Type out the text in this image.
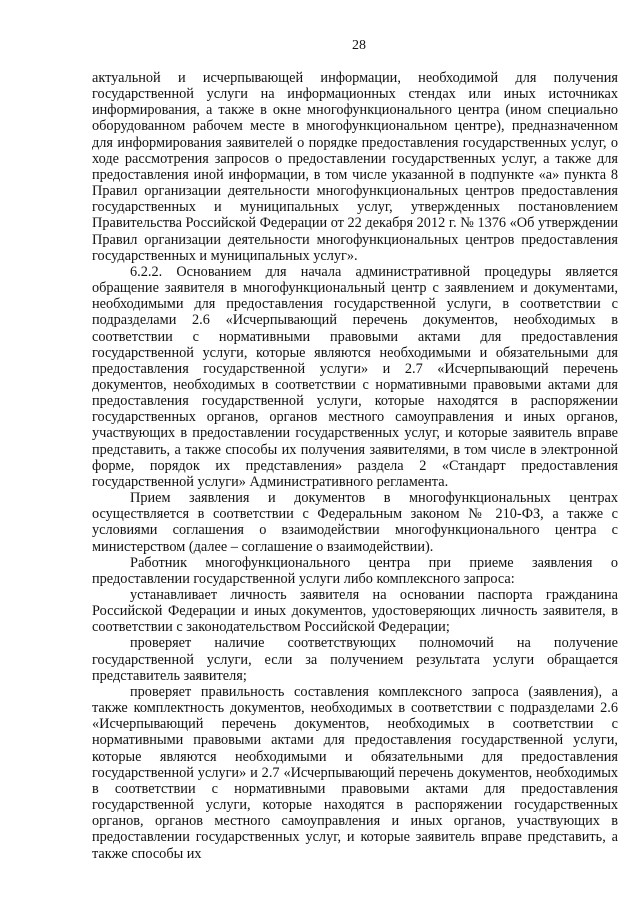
28

актуальной и исчерпывающей информации, необходимой для получения государственной услуги на информационных стендах или иных источниках информирования, а также в окне многофункционального центра (ином специально оборудованном рабочем месте в многофункциональном центре), предназначенном для информирования заявителей о порядке предоставления государственных услуг, о ходе рассмотрения запросов о предоставлении государственных услуг, а также для предоставления иной информации, в том числе указанной в подпункте «а» пункта 8 Правил организации деятельности многофункциональных центров предоставления государственных и муниципальных услуг, утвержденных постановлением Правительства Российской Федерации от 22 декабря 2012 г. № 1376 «Об утверждении Правил организации деятельности многофункциональных центров предоставления государственных и муниципальных услуг».

6.2.2. Основанием для начала административной процедуры является обращение заявителя в многофункциональный центр с заявлением и документами, необходимыми для предоставления государственной услуги, в соответствии с подразделами 2.6 «Исчерпывающий перечень документов, необходимых в соответствии с нормативными правовыми актами для предоставления государственной услуги, которые являются необходимыми и обязательными для предоставления государственной услуги» и 2.7 «Исчерпывающий перечень документов, необходимых в соответствии с нормативными правовыми актами для предоставления государственной услуги, которые находятся в распоряжении государственных органов, органов местного самоуправления и иных органов, участвующих в предоставлении государственных услуг, и которые заявитель вправе представить, а также способы их получения заявителями, в том числе в электронной форме, порядок их представления» раздела 2 «Стандарт предоставления государственной услуги» Административного регламента.

Прием заявления и документов в многофункциональных центрах осуществляется в соответствии с Федеральным законом № 210-ФЗ, а также с условиями соглашения о взаимодействии многофункционального центра с министерством (далее – соглашение о взаимодействии).

Работник многофункционального центра при приеме заявления о предоставлении государственной услуги либо комплексного запроса:

устанавливает личность заявителя на основании паспорта гражданина Российской Федерации и иных документов, удостоверяющих личность заявителя, в соответствии с законодательством Российской Федерации;

проверяет наличие соответствующих полномочий на получение государственной услуги, если за получением результата услуги обращается представитель заявителя;

проверяет правильность составления комплексного запроса (заявления), а также комплектность документов, необходимых в соответствии с подразделами 2.6 «Исчерпывающий перечень документов, необходимых в соответствии с нормативными правовыми актами для предоставления государственной услуги, которые являются необходимыми и обязательными для предоставления государственной услуги» и 2.7 «Исчерпывающий перечень документов, необходимых в соответствии с нормативными правовыми актами для предоставления государственной услуги, которые находятся в распоряжении государственных органов, органов местного самоуправления и иных органов, участвующих в предоставлении государственных услуг, и которые заявитель вправе представить, а также способы их
